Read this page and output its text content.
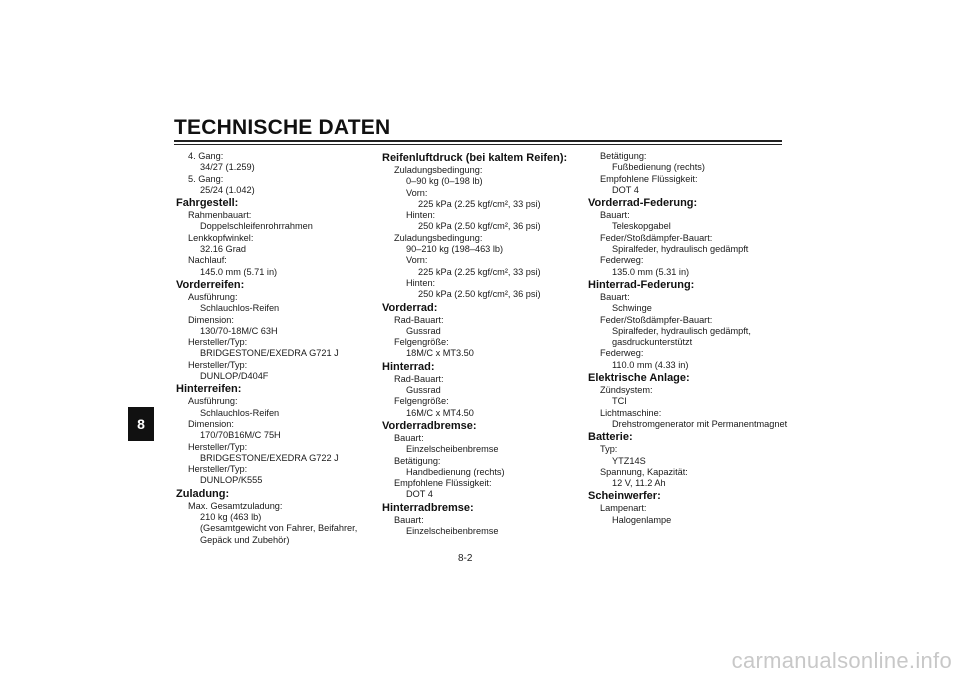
TECHNISCHE DATEN
8
4. Gang:
34/27 (1.259)
5. Gang:
25/24 (1.042)
Fahrgestell:
Rahmenbauart:
Doppelschleifenrohrrahmen
Lenkkopfwinkel:
32.16 Grad
Nachlauf:
145.0 mm (5.71 in)
Vorderreifen:
Ausführung:
Schlauchlos-Reifen
Dimension:
130/70-18M/C 63H
Hersteller/Typ:
BRIDGESTONE/EXEDRA G721 J
Hersteller/Typ:
DUNLOP/D404F
Hinterreifen:
Ausführung:
Schlauchlos-Reifen
Dimension:
170/70B16M/C 75H
Hersteller/Typ:
BRIDGESTONE/EXEDRA G722 J
Hersteller/Typ:
DUNLOP/K555
Zuladung:
Max. Gesamtzuladung:
210 kg (463 lb)
(Gesamtgewicht von Fahrer, Beifahrer,
Gepäck und Zubehör)
Reifenluftdruck (bei kaltem Reifen):
Zuladungsbedingung:
0–90 kg (0–198 lb)
Vorn:
225 kPa (2.25 kgf/cm², 33 psi)
Hinten:
250 kPa (2.50 kgf/cm², 36 psi)
Zuladungsbedingung:
90–210 kg (198–463 lb)
Vorn:
225 kPa (2.25 kgf/cm², 33 psi)
Hinten:
250 kPa (2.50 kgf/cm², 36 psi)
Vorderrad:
Rad-Bauart:
Gussrad
Felgengröße:
18M/C x MT3.50
Hinterrad:
Rad-Bauart:
Gussrad
Felgengröße:
16M/C x MT4.50
Vorderradbremse:
Bauart:
Einzelscheibenbremse
Betätigung:
Handbedienung (rechts)
Empfohlene Flüssigkeit:
DOT 4
Hinterradbremse:
Bauart:
Einzelscheibenbremse
Betätigung:
Fußbedienung (rechts)
Empfohlene Flüssigkeit:
DOT 4
Vorderrad-Federung:
Bauart:
Teleskopgabel
Feder/Stoßdämpfer-Bauart:
Spiralfeder, hydraulisch gedämpft
Federweg:
135.0 mm (5.31 in)
Hinterrad-Federung:
Bauart:
Schwinge
Feder/Stoßdämpfer-Bauart:
Spiralfeder, hydraulisch gedämpft,
gasdruckunterstützt
Federweg:
110.0 mm (4.33 in)
Elektrische Anlage:
Zündsystem:
TCI
Lichtmaschine:
Drehstromgenerator mit Permanentmagnet
Batterie:
Typ:
YTZ14S
Spannung, Kapazität:
12 V, 11.2 Ah
Scheinwerfer:
Lampenart:
Halogenlampe
8-2
carmanualsonline.info
